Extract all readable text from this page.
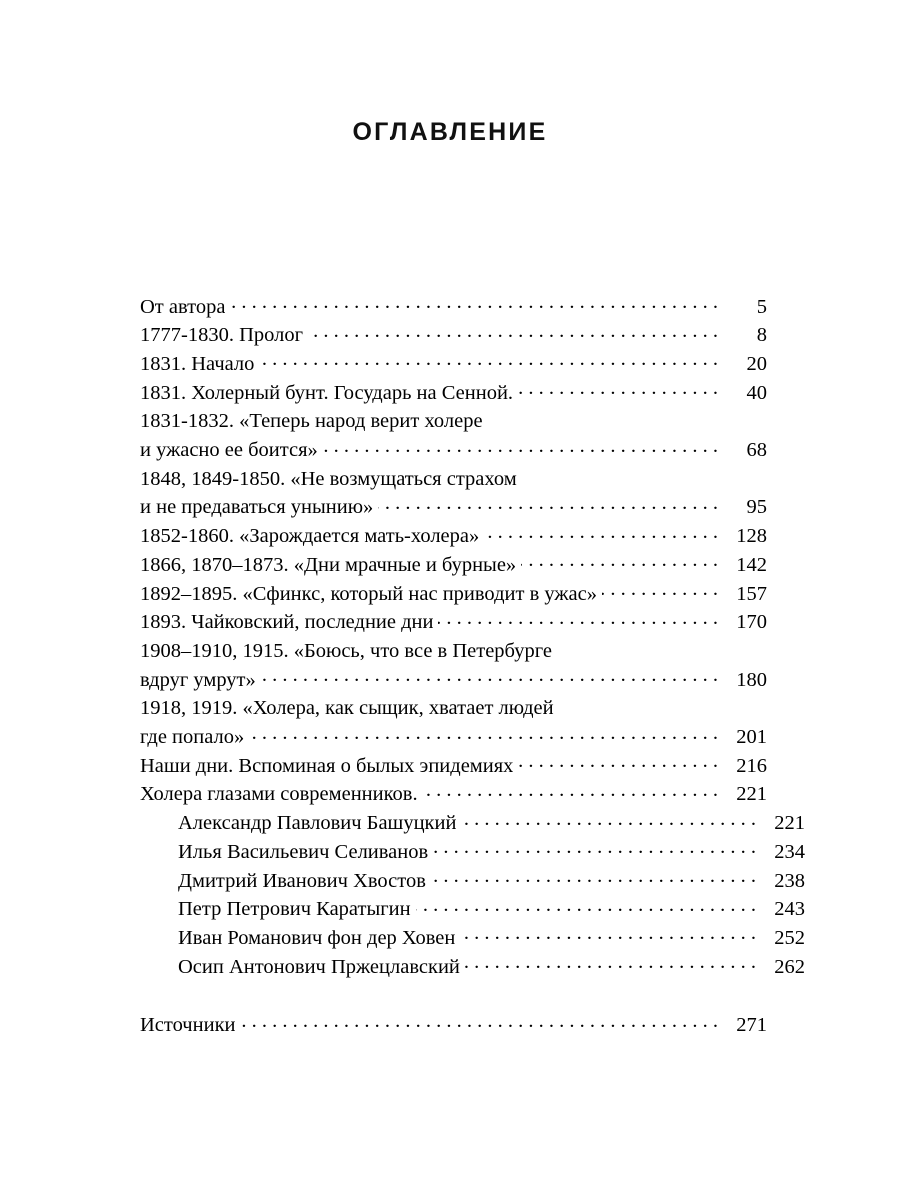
ОГЛАВЛЕНИЕ
От автора . . .	5
1777-1830. Пролог . . .	8
1831. Начало . . .	20
1831. Холерный бунт. Государь на Сенной. . . .	40
1831-1832. «Теперь народ верит холере
и ужасно ее боится» . . .	68
1848, 1849-1850. «Не возмущаться страхом
и не предаваться унынию» . . .	95
1852-1860. «Зарождается мать-холера» . . .	128
1866, 1870–1873. «Дни мрачные и бурные» . . .	142
1892–1895. «Сфинкс, который нас приводит в ужас» . . .	157
1893. Чайковский, последние дни . . .	170
1908–1910, 1915. «Боюсь, что все в Петербурге
вдруг умрут» . . .	180
1918, 1919. «Холера, как сыщик, хватает людей
где попало» . . .	201
Наши дни. Вспоминая о былых эпидемиях . . .	216
Холера глазами современников. . . .	221
Александр Павлович Башуцкий . . .	221
Илья Васильевич Селиванов . . .	234
Дмитрий Иванович Хвостов . . .	238
Петр Петрович Каратыгин . . .	243
Иван Романович фон дер Ховен . . .	252
Осип Антонович Пржецлавский . . .	262
Источники . . .	271
